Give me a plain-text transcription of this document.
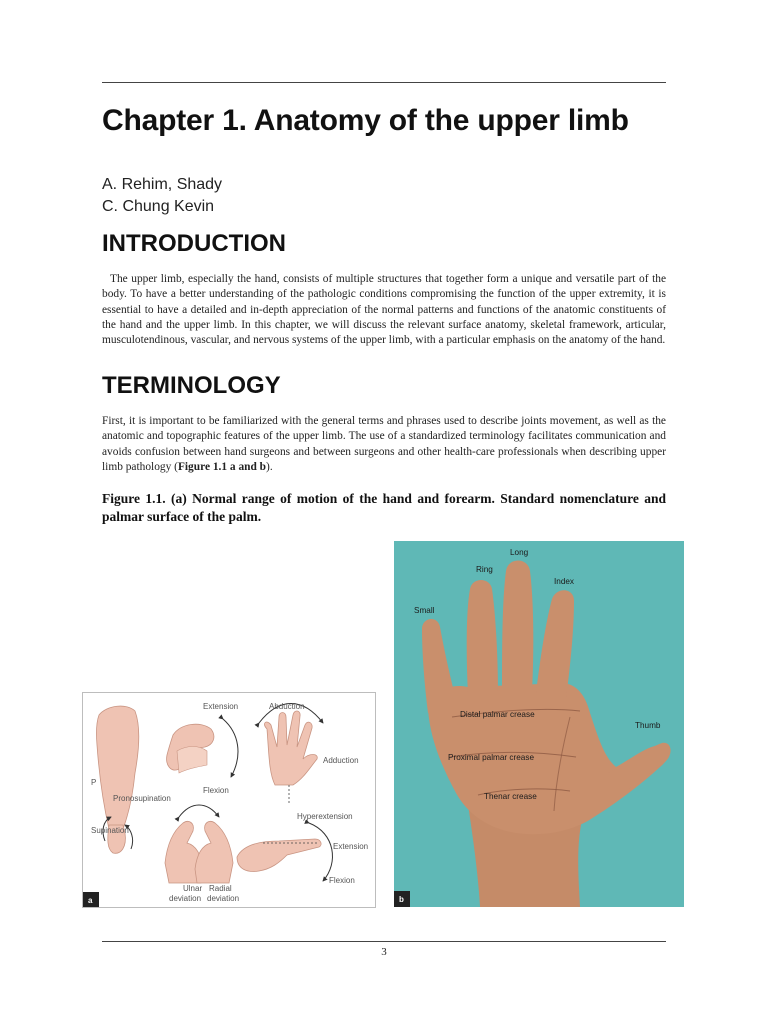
Chapter 1. Anatomy of the upper limb
A. Rehim, Shady
C. Chung Kevin
INTRODUCTION

The upper limb, especially the hand, consists of multiple structures that together form a unique and versatile part of the body. To have a better understanding of the pathologic conditions compromising the function of the upper extremity, it is essential to have a detailed and in-depth appreciation of the normal patterns and functions of the anatomic constituents of the hand and the upper limb. In this chapter, we will discuss the relevant surface anatomy, skeletal framework, articular, musculotendinous, vascular, and nervous systems of the upper limb, with a particular emphasis on the anatomy of the hand.

TERMINOLOGY

First, it is important to be familiarized with the general terms and phrases used to describe joints movement, as well as the anatomic and topographic features of the upper limb. The use of a standardized terminology facilitates communication and avoids confusion between hand surgeons and between surgeons and other health-care professionals when describing upper limb pathology (Figure 1.1 a and b).

Figure 1.1. (a) Normal range of motion of the hand and forearm. Standard nomenclature and palmar surface of the palm.

P
Pronosupination
Supination
Extension
Flexion
Abduction
Adduction
Ulnar Radial
deviation deviation
Hyperextension
Extension
Flexion
a
Long
Ring
Index
Small
Thumb
Distal palmar crease
Proximal palmar crease
Thenar crease
b
3
